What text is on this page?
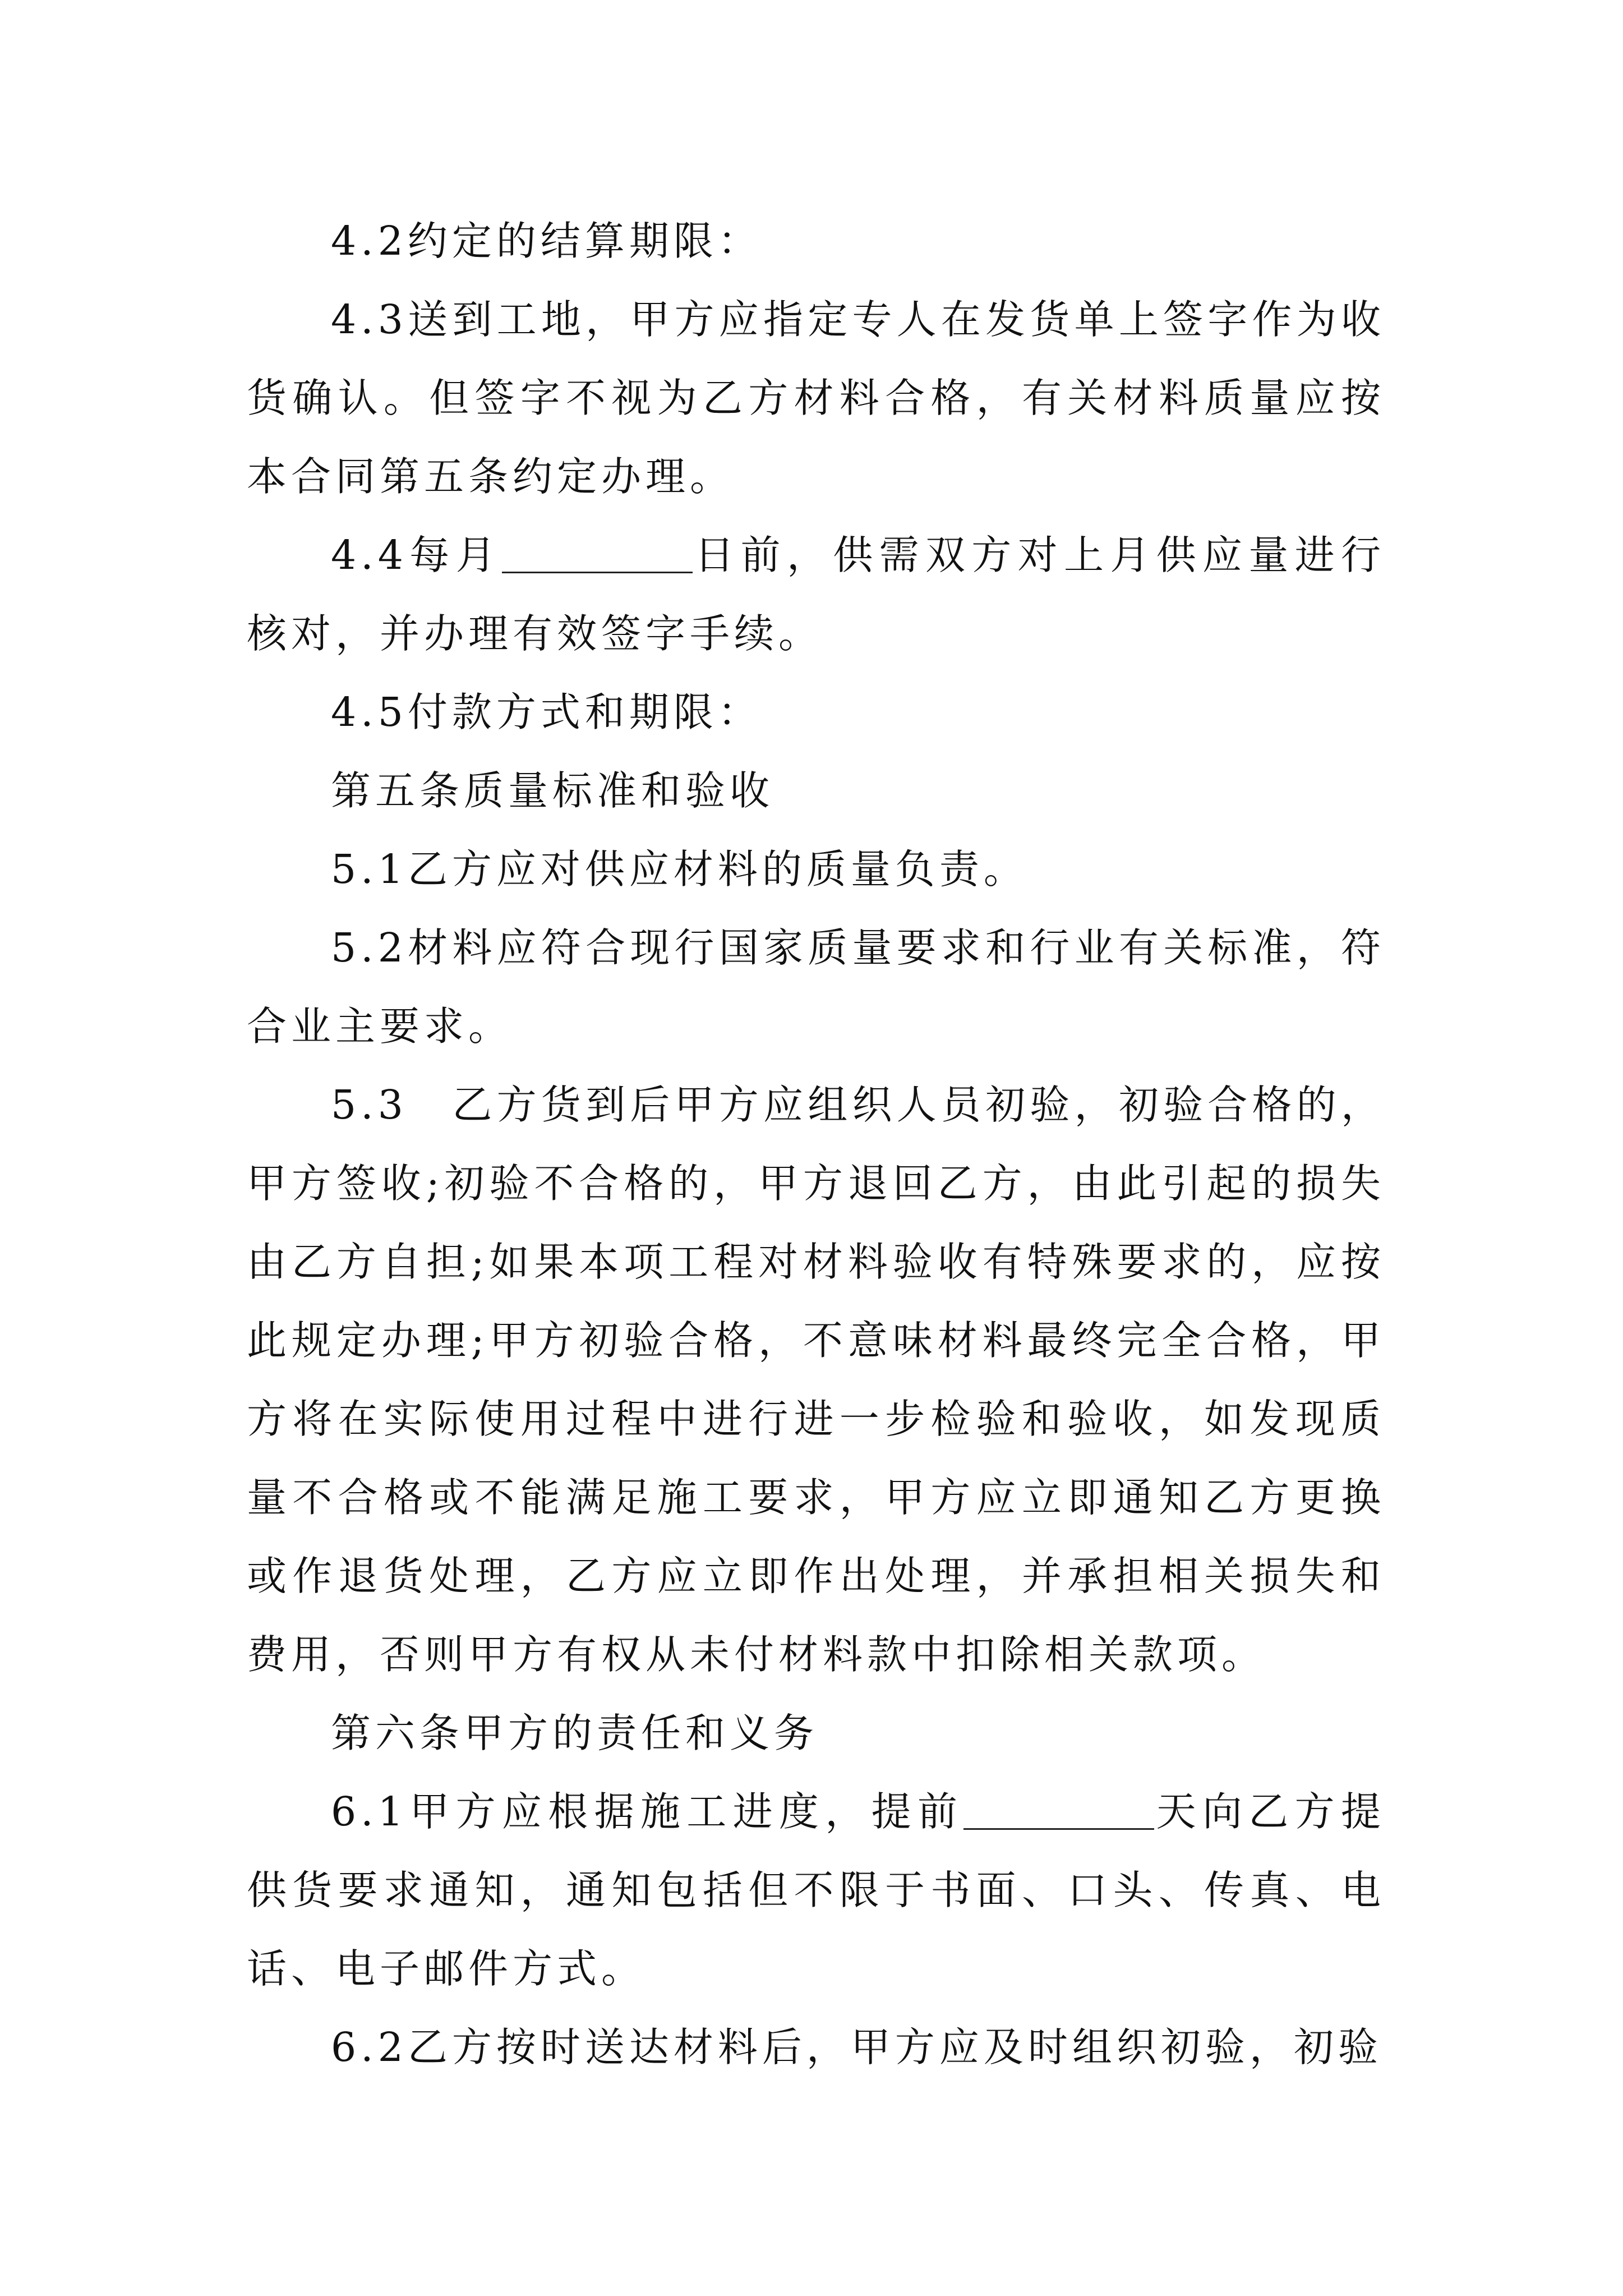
4.2约定的结算期限：

4.3送到工地，甲方应指定专人在发货单上签字作为收货确认。但签字不视为乙方材料合格，有关材料质量应按本合同第五条约定办理。

4.4每月	日前，供需双方对上月供应量进行核对，并办理有效签字手续。

4.5付款方式和期限：

第五条质量标准和验收

5.1乙方应对供应材料的质量负责。

5.2材料应符合现行国家质量要求和行业有关标准，符合业主要求。

5.3　乙方货到后甲方应组织人员初验，初验合格的，甲方签收;初验不合格的，甲方退回乙方，由此引起的损失由乙方自担;如果本项工程对材料验收有特殊要求的，应按此规定办理;甲方初验合格，不意味材料最终完全合格，甲方将在实际使用过程中进行进一步检验和验收，如发现质量不合格或不能满足施工要求，甲方应立即通知乙方更换或作退货处理，乙方应立即作出处理，并承担相关损失和费用，否则甲方有权从未付材料款中扣除相关款项。

第六条甲方的责任和义务

6.1甲方应根据施工进度，提前	天向乙方提供货要求通知，通知包括但不限于书面、口头、传真、电话、电子邮件方式。

6.2乙方按时送达材料后，甲方应及时组织初验，初验
